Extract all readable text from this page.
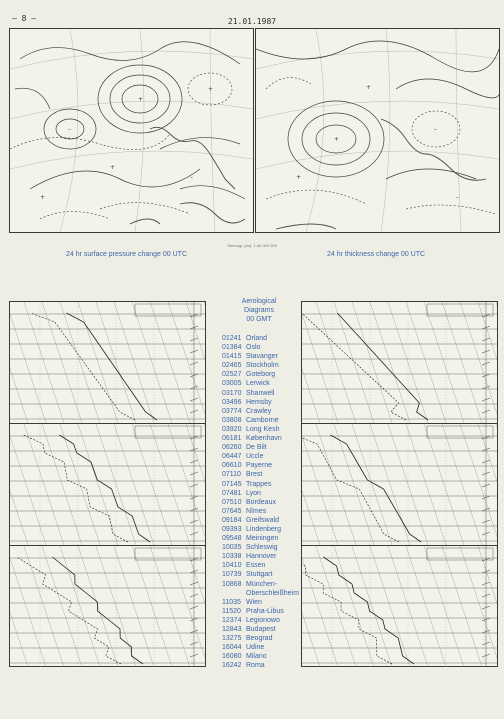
– 8 –	21.01.1987
+
–
+
+
+
–
+
–
+
–
+
Stereogr. proj. 1:40 000 000
24 hr surface pressure change 00 UTC	24 hr thickness change 00 UTC
Aerological
Diagrams
00 GMT
01241 Orland
01384 Oslo
01415 Stavanger
02465 Stockholm
02527 Goteborg
03005 Lerwick
03170 Shanwell
03496 Hemsby
03774 Crawley
03808 Camborne
03920 Long Kesh
06181 København
06260 De Bilt
06447 Uccle
06610 Payerne
07110 Brest
07145 Trappes
07481 Lyon
07510 Bordeaux
07645 Nîmes
09184 Greifswald
09393 Lindenberg
09548 Meiningen
10035 Schleswig
10338 Hannover
10410 Essen
10739 Stuttgart
10868 München-
Oberschleißheim
11035 Wien
11520 Praha-Libus
12374 Legionowo
12843 Budapest
13275 Beograd
16044 Udine
16080 Milano
16242 Roma
